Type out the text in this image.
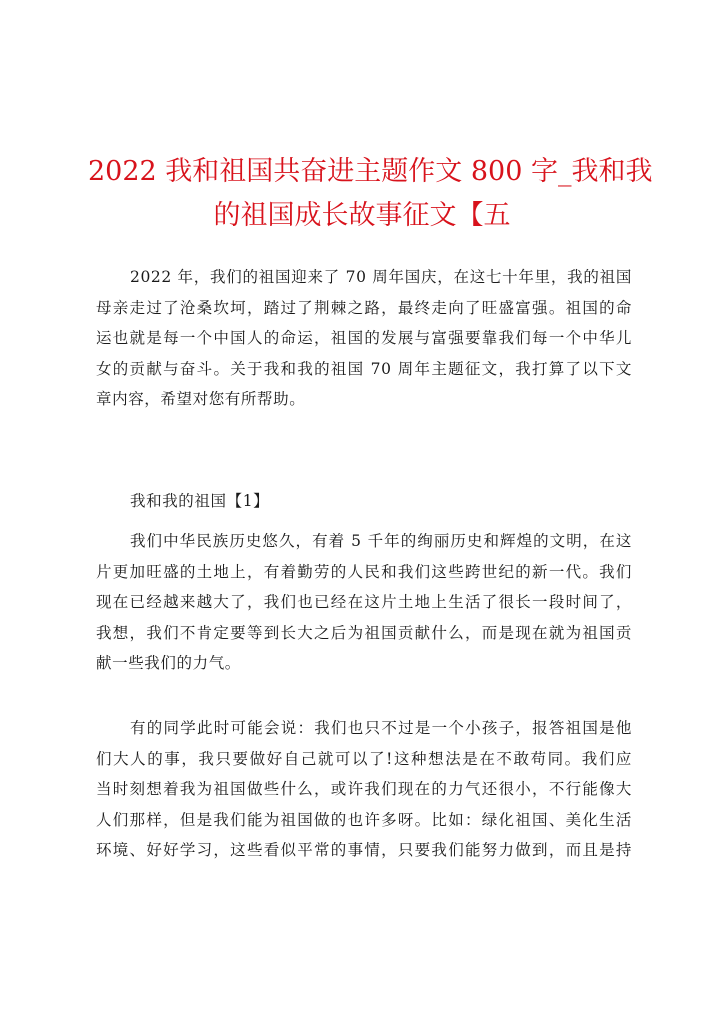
2022 我和祖国共奋进主题作文 800 字_我和我
的祖国成长故事征文【五
2022 年，我们的祖国迎来了 70 周年国庆，在这七十年里，我的祖国
母亲走过了沧桑坎坷，踏过了荆棘之路，最终走向了旺盛富强。祖国的命
运也就是每一个中国人的命运，祖国的发展与富强要靠我们每一个中华儿
女的贡献与奋斗。关于我和我的祖国 70 周年主题征文，我打算了以下文
章内容，希望对您有所帮助。
我和我的祖国【1】
我们中华民族历史悠久，有着 5 千年的绚丽历史和辉煌的文明，在这
片更加旺盛的土地上，有着勤劳的人民和我们这些跨世纪的新一代。我们
现在已经越来越大了，我们也已经在这片土地上生活了很长一段时间了，
我想，我们不肯定要等到长大之后为祖国贡献什么，而是现在就为祖国贡
献一些我们的力气。
有的同学此时可能会说：我们也只不过是一个小孩子，报答祖国是他
们大人的事，我只要做好自己就可以了!这种想法是在不敢苟同。我们应
当时刻想着我为祖国做些什么，或许我们现在的力气还很小，不行能像大
人们那样，但是我们能为祖国做的也许多呀。比如：绿化祖国、美化生活
环境、好好学习，这些看似平常的事情，只要我们能努力做到，而且是持
